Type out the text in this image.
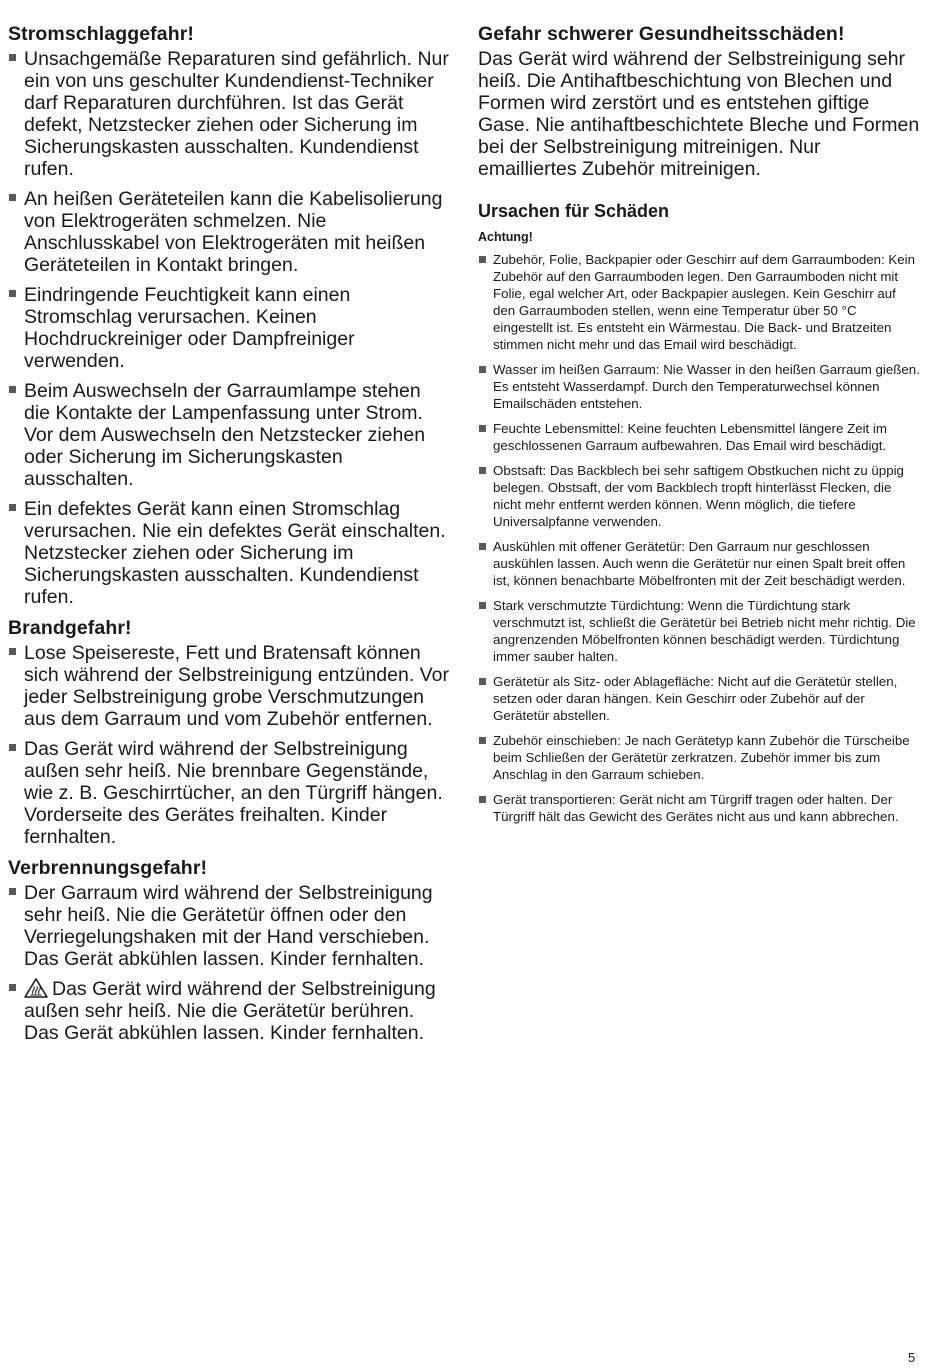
Stromschlaggefahr!
Unsachgemäße Reparaturen sind gefährlich. Nur ein von uns geschulter Kundendienst-Techniker darf Reparaturen durchführen. Ist das Gerät defekt, Netzstecker ziehen oder Sicherung im Sicherungskasten ausschalten. Kundendienst rufen.
An heißen Geräteteilen kann die Kabelisolierung von Elektrogeräten schmelzen. Nie Anschlusskabel von Elektrogeräten mit heißen Geräteteilen in Kontakt bringen.
Eindringende Feuchtigkeit kann einen Stromschlag verursachen. Keinen Hochdruckreiniger oder Dampfreiniger verwenden.
Beim Auswechseln der Garraumlampe stehen die Kontakte der Lampenfassung unter Strom. Vor dem Auswechseln den Netzstecker ziehen oder Sicherung im Sicherungskasten ausschalten.
Ein defektes Gerät kann einen Stromschlag verursachen. Nie ein defektes Gerät einschalten. Netzstecker ziehen oder Sicherung im Sicherungskasten ausschalten. Kundendienst rufen.
Brandgefahr!
Lose Speisereste, Fett und Bratensaft können sich während der Selbstreinigung entzünden. Vor jeder Selbstreinigung grobe Verschmutzungen aus dem Garraum und vom Zubehör entfernen.
Das Gerät wird während der Selbstreinigung außen sehr heiß. Nie brennbare Gegenstände, wie z. B. Geschirrtücher, an den Türgriff hängen. Vorderseite des Gerätes freihalten. Kinder fernhalten.
Verbrennungsgefahr!
Der Garraum wird während der Selbstreinigung sehr heiß. Nie die Gerätetür öffnen oder den Verriegelungshaken mit der Hand verschieben. Das Gerät abkühlen lassen. Kinder fernhalten.
Das Gerät wird während der Selbstreinigung außen sehr heiß. Nie die Gerätetür berühren. Das Gerät abkühlen lassen. Kinder fernhalten.
Gefahr schwerer Gesundheitsschäden!

Das Gerät wird während der Selbstreinigung sehr heiß. Die Antihaftbeschichtung von Blechen und Formen wird zerstört und es entstehen giftige Gase. Nie antihaftbeschichtete Bleche und Formen bei der Selbstreinigung mitreinigen. Nur emailliertes Zubehör mitreinigen.

Ursachen für Schäden
Achtung!
Zubehör, Folie, Backpapier oder Geschirr auf dem Garraumboden: Kein Zubehör auf den Garraumboden legen. Den Garraumboden nicht mit Folie, egal welcher Art, oder Backpapier auslegen. Kein Geschirr auf den Garraumboden stellen, wenn eine Temperatur über 50 °C eingestellt ist. Es entsteht ein Wärmestau. Die Back- und Bratzeiten stimmen nicht mehr und das Email wird beschädigt.
Wasser im heißen Garraum: Nie Wasser in den heißen Garraum gießen. Es entsteht Wasserdampf. Durch den Temperaturwechsel können Emailschäden entstehen.
Feuchte Lebensmittel: Keine feuchten Lebensmittel längere Zeit im geschlossenen Garraum aufbewahren. Das Email wird beschädigt.
Obstsaft: Das Backblech bei sehr saftigem Obstkuchen nicht zu üppig belegen. Obstsaft, der vom Backblech tropft hinterlässt Flecken, die nicht mehr entfernt werden können. Wenn möglich, die tiefere Universalpfanne verwenden.
Auskühlen mit offener Gerätetür: Den Garraum nur geschlossen auskühlen lassen. Auch wenn die Gerätetür nur einen Spalt breit offen ist, können benachbarte Möbelfronten mit der Zeit beschädigt werden.
Stark verschmutzte Türdichtung: Wenn die Türdichtung stark verschmutzt ist, schließt die Gerätetür bei Betrieb nicht mehr richtig. Die angrenzenden Möbelfronten können beschädigt werden. Türdichtung immer sauber halten.
Gerätetür als Sitz- oder Ablagefläche: Nicht auf die Gerätetür stellen, setzen oder daran hängen. Kein Geschirr oder Zubehör auf der Gerätetür abstellen.
Zubehör einschieben: Je nach Gerätetyp kann Zubehör die Türscheibe beim Schließen der Gerätetür zerkratzen. Zubehör immer bis zum Anschlag in den Garraum schieben.
Gerät transportieren: Gerät nicht am Türgriff tragen oder halten. Der Türgriff hält das Gewicht des Gerätes nicht aus und kann abbrechen.
5
